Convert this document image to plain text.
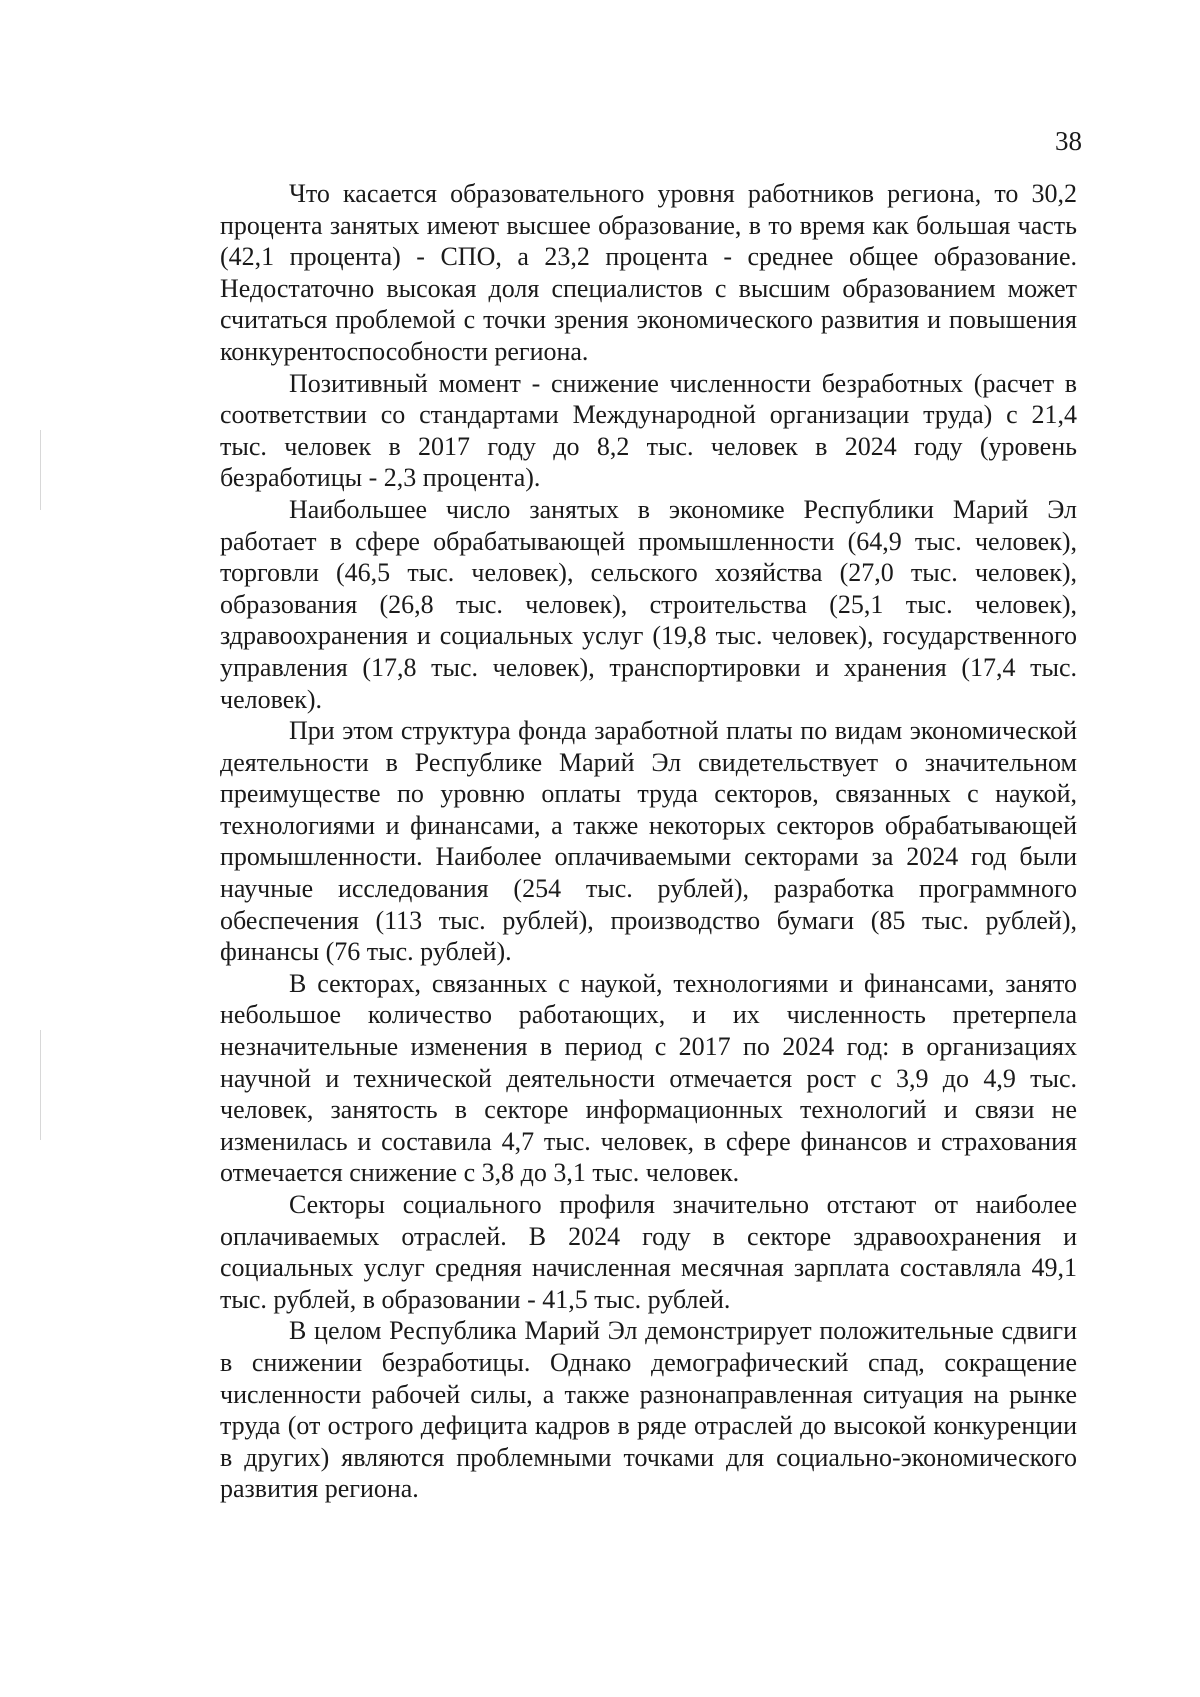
38

Что касается образовательного уровня работников региона, то 30,2 процента занятых имеют высшее образование, в то время как большая часть (42,1 процента) - СПО, а 23,2 процента - среднее общее образование. Недостаточно высокая доля специалистов с высшим образованием может считаться проблемой с точки зрения экономического развития и повышения конкурентоспособности региона.

Позитивный момент - снижение численности безработных (расчет в соответствии со стандартами Международной организации труда) с 21,4 тыс. человек в 2017 году до 8,2 тыс. человек в 2024 году (уровень безработицы - 2,3 процента).

Наибольшее число занятых в экономике Республики Марий Эл работает в сфере обрабатывающей промышленности (64,9 тыс. человек), торговли (46,5 тыс. человек), сельского хозяйства (27,0 тыс. человек), образования (26,8 тыс. человек), строительства (25,1 тыс. человек), здравоохранения и социальных услуг (19,8 тыс. человек), государственного управления (17,8 тыс. человек), транспортировки и хранения (17,4 тыс. человек).

При этом структура фонда заработной платы по видам экономической деятельности в Республике Марий Эл свидетельствует о значительном преимуществе по уровню оплаты труда секторов, связанных с наукой, технологиями и финансами, а также некоторых секторов обрабатывающей промышленности. Наиболее оплачиваемыми секторами за 2024 год были научные исследования (254 тыс. рублей), разработка программного обеспечения (113 тыс. рублей), производство бумаги (85 тыс. рублей), финансы (76 тыс. рублей).

В секторах, связанных с наукой, технологиями и финансами, занято небольшое количество работающих, и их численность претерпела незначительные изменения в период с 2017 по 2024 год: в организациях научной и технической деятельности отмечается рост с 3,9 до 4,9 тыс. человек, занятость в секторе информационных технологий и связи не изменилась и составила 4,7 тыс. человек, в сфере финансов и страхования отмечается снижение с 3,8 до 3,1 тыс. человек.

Секторы социального профиля значительно отстают от наиболее оплачиваемых отраслей. В 2024 году в секторе здравоохранения и социальных услуг средняя начисленная месячная зарплата составляла 49,1 тыс. рублей, в образовании - 41,5 тыс. рублей.

В целом Республика Марий Эл демонстрирует положительные сдвиги в снижении безработицы. Однако демографический спад, сокращение численности рабочей силы, а также разнонаправленная ситуация на рынке труда (от острого дефицита кадров в ряде отраслей до высокой конкуренции в других) являются проблемными точками для социально-экономического развития региона.
